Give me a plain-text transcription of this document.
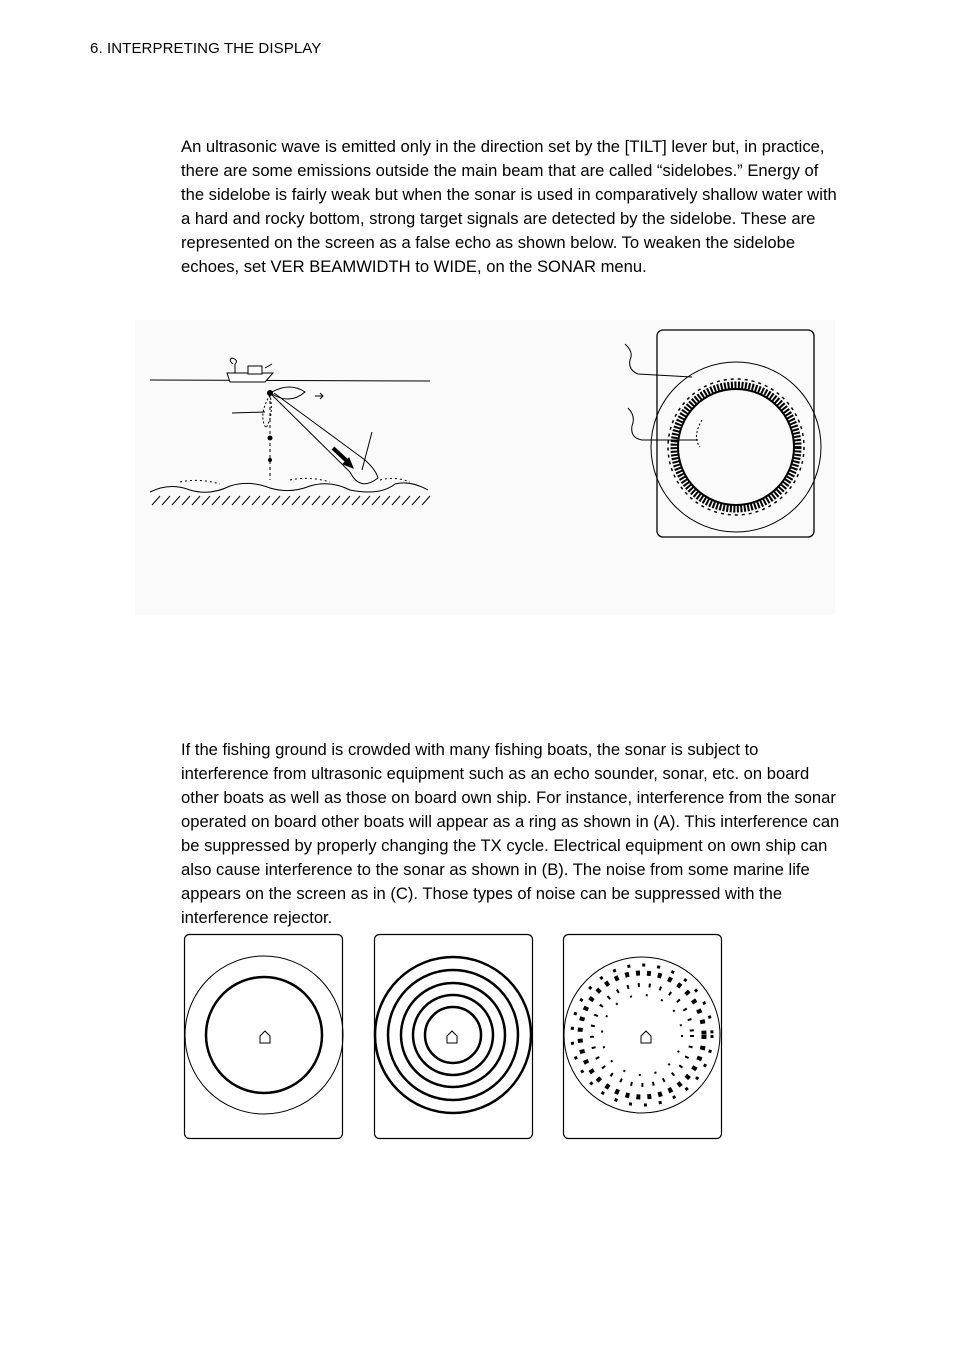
6. INTERPRETING THE DISPLAY

An ultrasonic wave is emitted only in the direction set by the [TILT] lever but, in practice, there are some emissions outside the main beam that are called “sidelobes.” Energy of the sidelobe is fairly weak but when the sonar is used in comparatively shallow water with a hard and rocky bottom, strong target signals are detected by the sidelobe. These are represented on the screen as a false echo as shown below. To weaken the sidelobe echoes, set VER BEAMWIDTH to WIDE, on the SONAR menu.

If the fishing ground is crowded with many fishing boats, the sonar is subject to interference from ultrasonic equipment such as an echo sounder, sonar, etc. on board other boats as well as those on board own ship. For instance, interference from the sonar operated on board other boats will appear as a ring as shown in (A). This interference can be suppressed by properly changing the TX cycle. Electrical equipment on own ship can also cause interference to the sonar as shown in (B). The noise from some marine life appears on the screen as in (C). Those types of noise can be suppressed with the interference rejector.
